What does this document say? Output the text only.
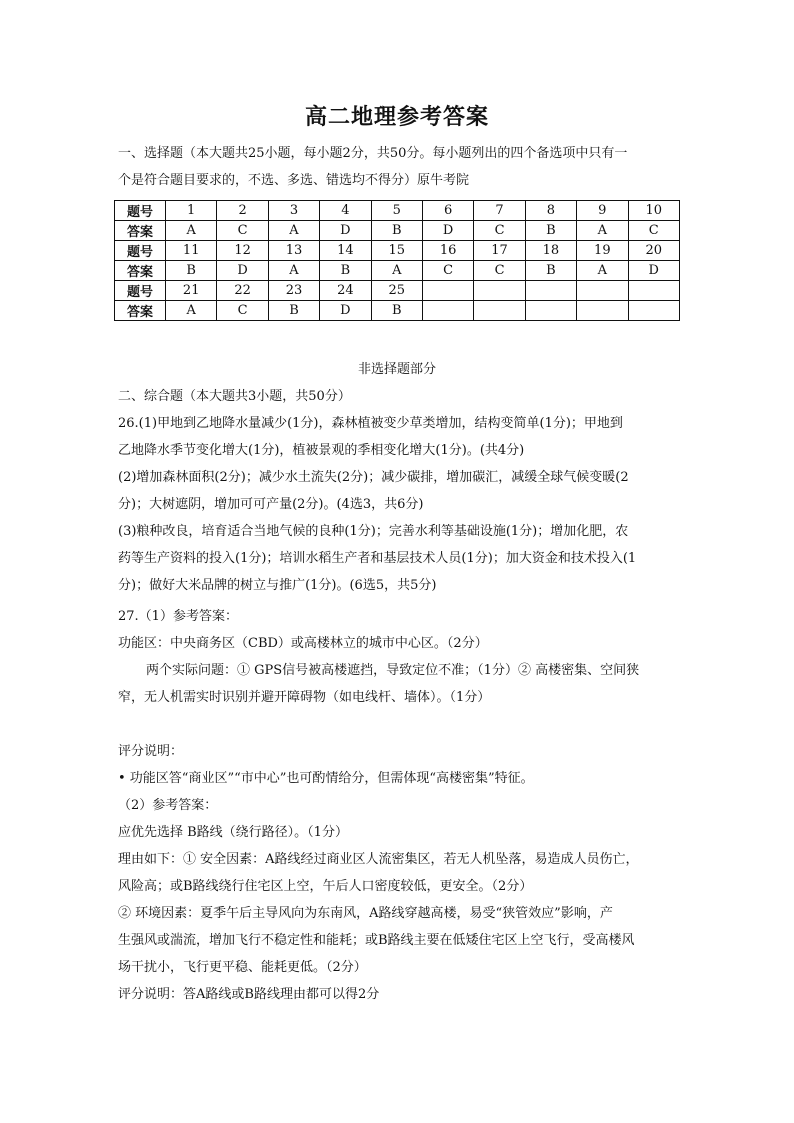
高二地理参考答案
一、选择题（本大题共25小题，每小题2分，共50分。每小题列出的四个备选项中只有一
个是符合题目要求的，不选、多选、错选均不得分）原牛考院
题号	1	2	3	4	5	6	7	8	9	10
答案	A	C	A	D	B	D	C	B	A	C
题号	11	12	13	14	15	16	17	18	19	20
答案	B	D	A	B	A	C	C	B	A	D
题号	21	22	23	24	25					
答案	A	C	B	D	B					
非选择题部分
二、综合题（本大题共3小题，共50分）
26.(1)甲地到乙地降水量减少(1分)，森林植被变少草类增加，结构变简单(1分)；甲地到
乙地降水季节变化增大(1分)，植被景观的季相变化增大(1分)。(共4分)
(2)增加森林面积(2分)；减少水土流失(2分)；减少碳排，增加碳汇，减缓全球气候变暖(2
分)；大树遮阴，增加可可产量(2分)。(4选3，共6分)
(3)粮种改良，培育适合当地气候的良种(1分)；完善水利等基础设施(1分)；增加化肥，农
药等生产资料的投入(1分)；培训水稻生产者和基层技术人员(1分)；加大资金和技术投入(1
分)；做好大米品牌的树立与推广(1分)。(6选5，共5分)
27.（1）参考答案：
功能区：中央商务区（CBD）或高楼林立的城市中心区。（2分）
两个实际问题：① GPS信号被高楼遮挡，导致定位不准；（1分）② 高楼密集、空间狭
窄，无人机需实时识别并避开障碍物（如电线杆、墙体）。（1分）
评分说明：
• 功能区答“商业区”“市中心”也可酌情给分，但需体现“高楼密集”特征。
（2）参考答案：
应优先选择 B路线（绕行路径）。（1分）
理由如下：① 安全因素：A路线经过商业区人流密集区，若无人机坠落，易造成人员伤亡，
风险高；或B路线绕行住宅区上空，午后人口密度较低，更安全。（2分）
② 环境因素：夏季午后主导风向为东南风，A路线穿越高楼，易受“狭管效应”影响，产
生强风或湍流，增加飞行不稳定性和能耗；或B路线主要在低矮住宅区上空飞行，受高楼风
场干扰小，飞行更平稳、能耗更低。（2分）
评分说明：答A路线或B路线理由都可以得2分
